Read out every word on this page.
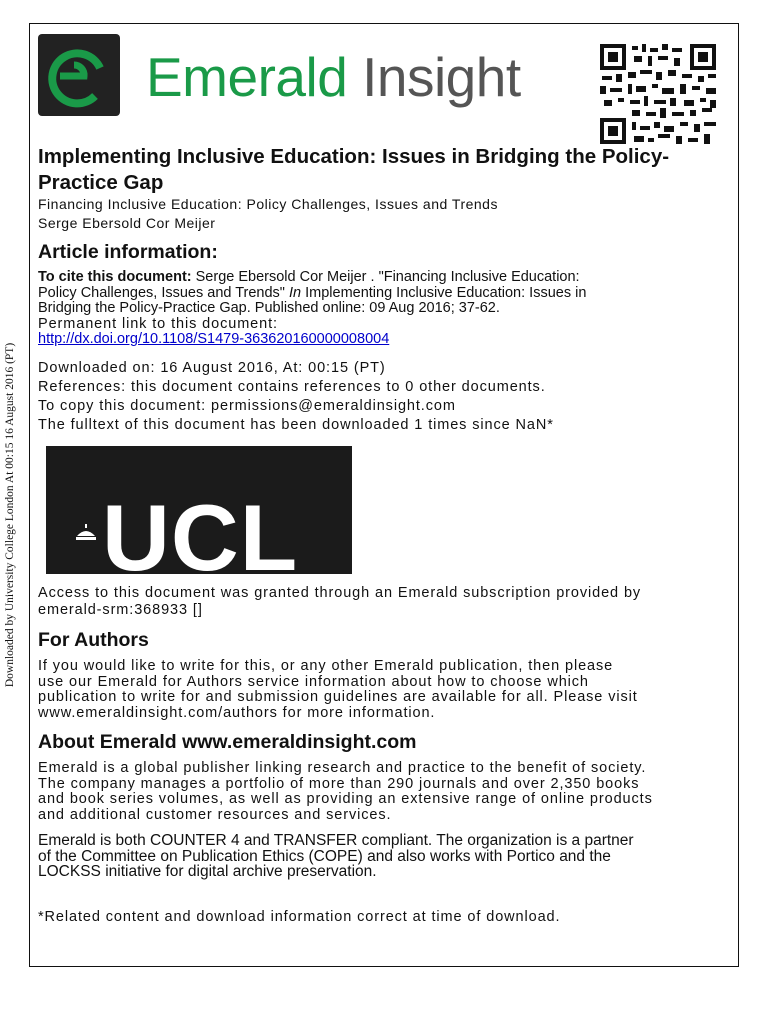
Downloaded by University College London At 00:15 16 August 2016 (PT)
Emerald Insight
Implementing Inclusive Education: Issues in Bridging the Policy-Practice Gap
Financing Inclusive Education: Policy Challenges, Issues and Trends
Serge Ebersold Cor Meijer
Article information:

To cite this document: Serge Ebersold Cor Meijer . "Financing Inclusive Education:

Policy Challenges, Issues and Trends" In Implementing Inclusive Education: Issues in

Bridging the Policy-Practice Gap. Published online: 09 Aug 2016; 37-62.

Permanent link to this document:

http://dx.doi.org/10.1108/S1479-363620160000008004

Downloaded on: 16 August 2016, At: 00:15 (PT)

References: this document contains references to 0 other documents.

To copy this document: permissions@emeraldinsight.com

The fulltext of this document has been downloaded 1 times since NaN*

UCL

Access to this document was granted through an Emerald subscription provided by

emerald-srm:368933 []

For Authors

If you would like to write for this, or any other Emerald publication, then please

use our Emerald for Authors service information about how to choose which

publication to write for and submission guidelines are available for all. Please visit

www.emeraldinsight.com/authors for more information.

About Emerald www.emeraldinsight.com

Emerald is a global publisher linking research and practice to the benefit of society.

The company manages a portfolio of more than 290 journals and over 2,350 books

and book series volumes, as well as providing an extensive range of online products

and additional customer resources and services.

Emerald is both COUNTER 4 and TRANSFER compliant. The organization is a partner

of the Committee on Publication Ethics (COPE) and also works with Portico and the

LOCKSS initiative for digital archive preservation.

*Related content and download information correct at time of download.
